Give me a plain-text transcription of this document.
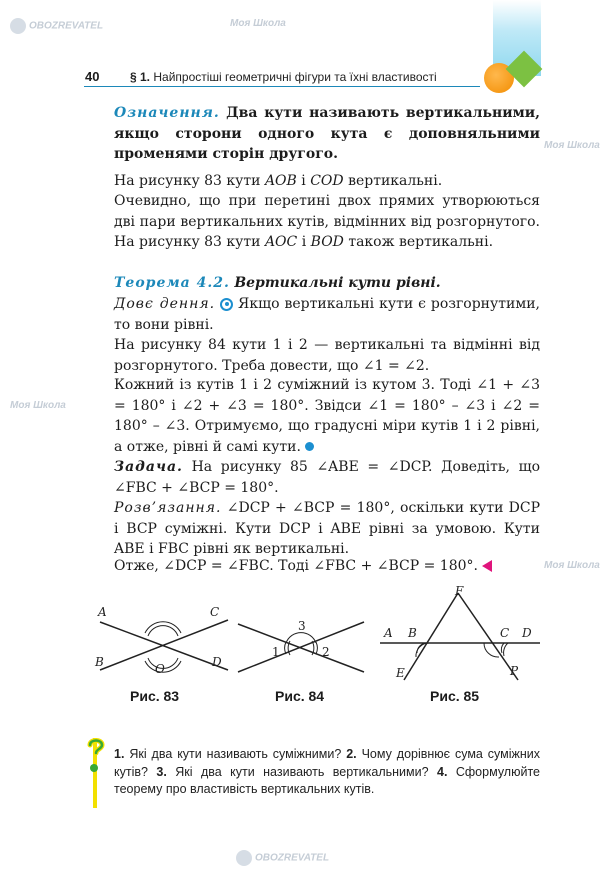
OBOZREVATEL	Моя Школа
Моя Школа
Моя Школа
Моя Школа
OBOZREVATEL
40	§ 1. Найпростіші геометричні фігури та їхні властивості
Означення. Два кути називають вертикальними, якщо сторони одного кута є доповняльними променями сторін другого.
На рисунку 83 кути AOB і COD вертикальні.
Очевидно, що при перетині двох прямих утворюються дві пари вертикальних кутів, відмінних від розгорнутого. На рисунку 83 кути AOC і BOD також вертикальні.
Теорема 4.2. Вертикальні кути рівні.
Довє дення. Якщо вертикальні кути є розгорнутими, то вони рівні.
На рисунку 84 кути 1 і 2 — вертикальні та відмінні від розгорнутого. Треба довести, що ∠1 = ∠2.
Кожний із кутів 1 і 2 суміжний із кутом 3. Тоді ∠1 + ∠3 = 180° і ∠2 + ∠3 = 180°. Звідси ∠1 = 180° – ∠3 і ∠2 = 180° – ∠3. Отримуємо, що градусні міри кутів 1 і 2 рівні, а отже, рівні й самі кути.
Задача. На рисунку 85 ∠ABE = ∠DCP. Доведіть, що ∠FBC + ∠BCP = 180°.
Розв’язання. ∠DCP + ∠BCP = 180°, оскільки кути DCP і BCP суміжні. Кути DCP і ABE рівні за умовою. Кути ABE і FBC рівні як вертикальні.
Отже, ∠DCP = ∠FBC. Тоді ∠FBC + ∠BCP = 180°.
A	C
B	O	D
Рис. 83
3
1	2
Рис. 84
F
A B	C D
E	P
Рис. 85
1. Які два кути називають суміжними? 2. Чому дорівнює сума суміжних кутів? 3. Які два кути називають вертикальними? 4. Сформулюйте теорему про властивість вертикальних кутів.
